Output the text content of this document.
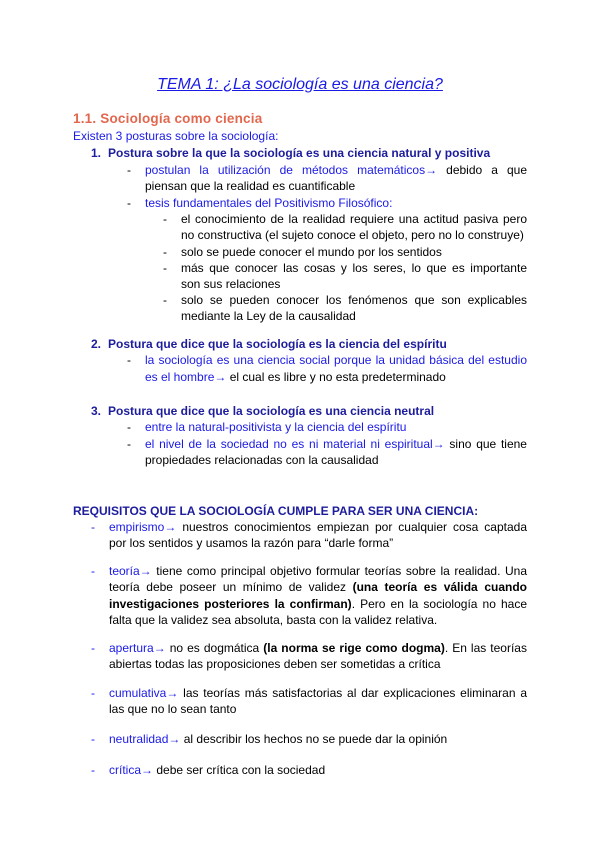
TEMA 1: ¿La sociología es una ciencia?
1.1. Sociología como ciencia
Existen 3 posturas sobre la sociología:
1. Postura sobre la que la sociología es una ciencia natural y positiva
- postulan la utilización de métodos matemáticos→ debido a que
piensan que la realidad es cuantificable
- tesis fundamentales del Positivismo Filosófico:
- el conocimiento de la realidad requiere una actitud pasiva pero
no constructiva (el sujeto conoce el objeto, pero no lo construye)
- solo se puede conocer el mundo por los sentidos
- más que conocer las cosas y los seres, lo que es importante
son sus relaciones
- solo se pueden conocer los fenómenos que son explicables
mediante la Ley de la causalidad
2. Postura que dice que la sociología es la ciencia del espíritu
- la sociología es una ciencia social porque la unidad básica del estudio
es el hombre→ el cual es libre y no esta predeterminado
3. Postura que dice que la sociología es una ciencia neutral
- entre la natural-positivista y la ciencia del espíritu
- el nivel de la sociedad no es ni material ni espiritual→ sino que tiene
propiedades relacionadas con la causalidad
REQUISITOS QUE LA SOCIOLOGÍA CUMPLE PARA SER UNA CIENCIA:
- empirismo→ nuestros conocimientos empiezan por cualquier cosa captada
por los sentidos y usamos la razón para “darle forma”
- teoría→ tiene como principal objetivo formular teorías sobre la realidad. Una
teoría debe poseer un mínimo de validez (una teoría es válida cuando
investigaciones posteriores la confirman). Pero en la sociología no hace
falta que la validez sea absoluta, basta con la validez relativa.
- apertura→ no es dogmática (la norma se rige como dogma). En las teorías
abiertas todas las proposiciones deben ser sometidas a crítica
- cumulativa→ las teorías más satisfactorias al dar explicaciones eliminaran a
las que no lo sean tanto
- neutralidad→ al describir los hechos no se puede dar la opinión
- crítica→ debe ser crítica con la sociedad
